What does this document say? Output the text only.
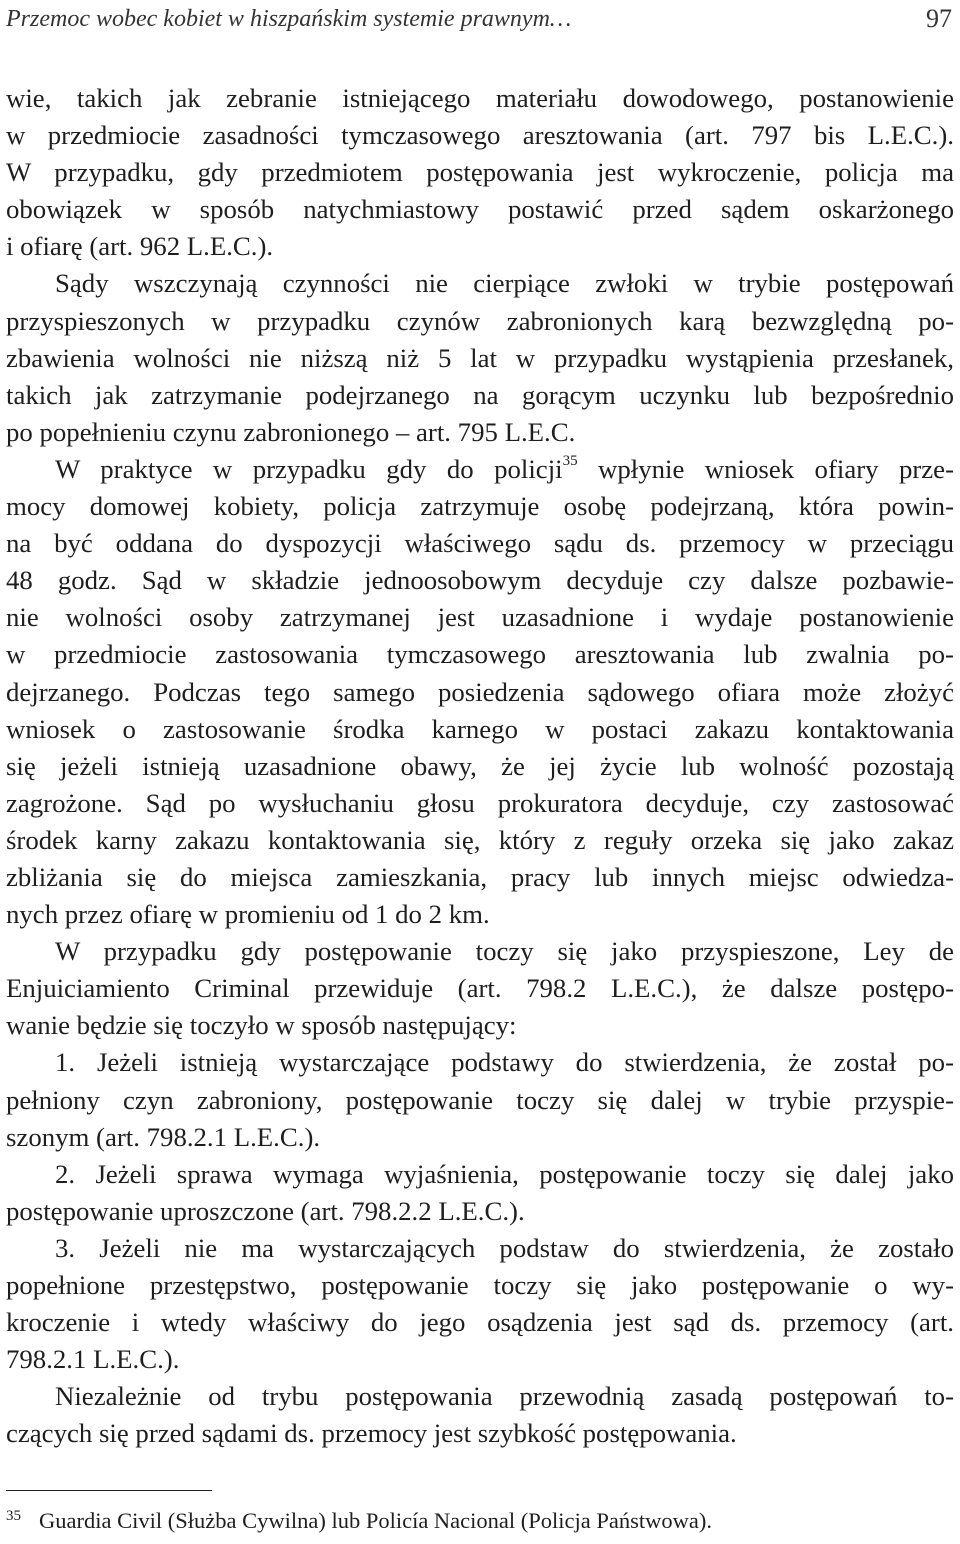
Przemoc wobec kobiet w hiszpańskim systemie prawnym…	97
wie, takich jak zebranie istniejącego materiału dowodowego, postanowienie
w przedmiocie zasadności tymczasowego aresztowania (art. 797 bis L.E.C.).
W przypadku, gdy przedmiotem postępowania jest wykroczenie, policja ma
obowiązek w sposób natychmiastowy postawić przed sądem oskarżonego
i ofiarę (art. 962 L.E.C.).
Sądy wszczynają czynności nie cierpiące zwłoki w trybie postępowań
przyspieszonych w przypadku czynów zabronionych karą bezwzględną po-
zbawienia wolności nie niższą niż 5 lat w przypadku wystąpienia przesłanek,
takich jak zatrzymanie podejrzanego na gorącym uczynku lub bezpośrednio
po popełnieniu czynu zabronionego – art. 795 L.E.C.
W praktyce w przypadku gdy do policji$^{35}$ wpłynie wniosek ofiary prze-
mocy domowej kobiety, policja zatrzymuje osobę podejrzaną, która powin-
na być oddana do dyspozycji właściwego sądu ds. przemocy w przeciągu
48 godz. Sąd w składzie jednoosobowym decyduje czy dalsze pozbawie-
nie wolności osoby zatrzymanej jest uzasadnione i wydaje postanowienie
w przedmiocie zastosowania tymczasowego aresztowania lub zwalnia po-
dejrzanego. Podczas tego samego posiedzenia sądowego ofiara może złożyć
wniosek o zastosowanie środka karnego w postaci zakazu kontaktowania
się jeżeli istnieją uzasadnione obawy, że jej życie lub wolność pozostają
zagrożone. Sąd po wysłuchaniu głosu prokuratora decyduje, czy zastosować
środek karny zakazu kontaktowania się, który z reguły orzeka się jako zakaz
zbliżania się do miejsca zamieszkania, pracy lub innych miejsc odwiedza-
nych przez ofiarę w promieniu od 1 do 2 km.
W przypadku gdy postępowanie toczy się jako przyspieszone, Ley de
Enjuiciamiento Criminal przewiduje (art. 798.2 L.E.C.), że dalsze postępo-
wanie będzie się toczyło w sposób następujący:
1. Jeżeli istnieją wystarczające podstawy do stwierdzenia, że został po-
pełniony czyn zabroniony, postępowanie toczy się dalej w trybie przyspie-
szonym (art. 798.2.1 L.E.C.).
2. Jeżeli sprawa wymaga wyjaśnienia, postępowanie toczy się dalej jako
postępowanie uproszczone (art. 798.2.2 L.E.C.).
3. Jeżeli nie ma wystarczających podstaw do stwierdzenia, że zostało
popełnione przestępstwo, postępowanie toczy się jako postępowanie o wy-
kroczenie i wtedy właściwy do jego osądzenia jest sąd ds. przemocy (art.
798.2.1 L.E.C.).
Niezależnie od trybu postępowania przewodnią zasadą postępowań to-
czących się przed sądami ds. przemocy jest szybkość postępowania.
$^{35}$ Guardia Civil (Służba Cywilna) lub Policía Nacional (Policja Państwowa).
